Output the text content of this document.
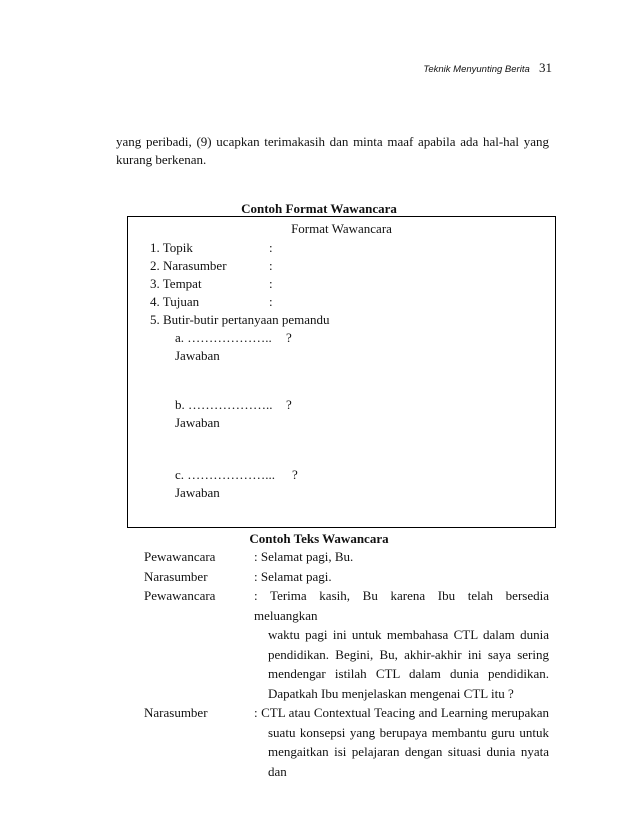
Teknik Menyunting Berita 31
yang peribadi, (9) ucapkan terimakasih dan minta maaf apabila ada hal-hal yang kurang berkenan.
Contoh Format Wawancara
Format Wawancara
1. Topik	:
2. Narasumber	:
3. Tempat	:
4. Tujuan	:
5. Butir-butir pertanyaan pemandu
a. ……………….. ?
Jawaban
b. ……………….. ?
Jawaban
c. ………………... ?
Jawaban
Contoh Teks Wawancara
Pewawancara	: Selamat pagi, Bu.
Narasumber	: Selamat pagi.
Pewawancara	: Terima kasih, Bu karena Ibu telah bersedia meluangkan
waktu pagi ini untuk membahasa CTL dalam dunia
pendidikan. Begini, Bu, akhir-akhir ini saya sering
mendengar istilah CTL dalam dunia pendidikan.
Dapatkah Ibu menjelaskan mengenai CTL itu ?
Narasumber	: CTL atau Contextual Teacing and Learning merupakan
suatu konsepsi yang berupaya membantu guru untuk
mengaitkan isi pelajaran dengan situasi dunia nyata dan
